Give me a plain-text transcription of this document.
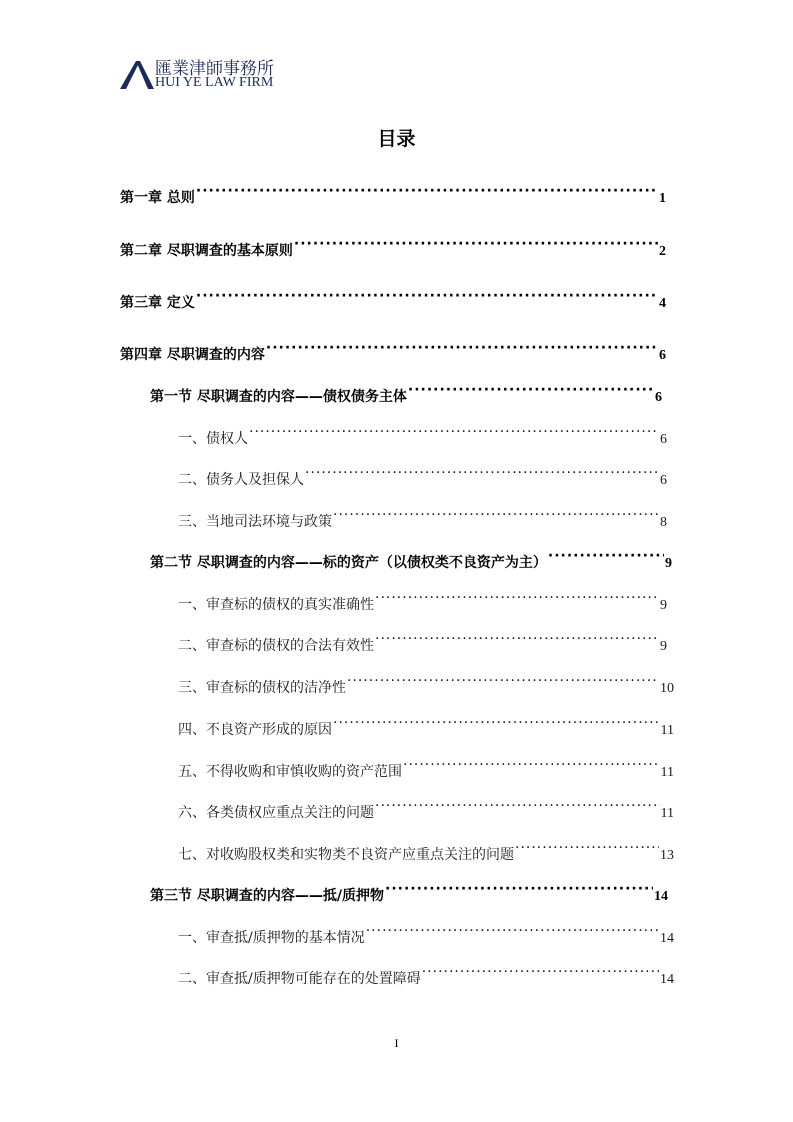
匯業津師事務所
HUI YE LAW FIRM
目录
第一章 总则 ·····	1
第二章 尽职调查的基本原则 ·····	2
第三章 定义 ·····	4
第四章 尽职调查的内容 ·····	6
第一节 尽职调查的内容——债权债务主体 ·····	6
一、债权人 ·····	6
二、债务人及担保人 ·····	6
三、当地司法环境与政策 ·····	8
第二节 尽职调查的内容——标的资产（以债权类不良资产为主） ·····	9
一、审查标的债权的真实准确性 ·····	9
二、审查标的债权的合法有效性 ·····	9
三、审查标的债权的洁净性 ·····	10
四、不良资产形成的原因 ·····	11
五、不得收购和审慎收购的资产范围 ·····	11
六、各类债权应重点关注的问题 ·····	11
七、对收购股权类和实物类不良资产应重点关注的问题 ·····	13
第三节 尽职调查的内容——抵/质押物 ·····	14
一、审查抵/质押物的基本情况 ·····	14
二、审查抵/质押物可能存在的处置障碍 ·····	14
I
